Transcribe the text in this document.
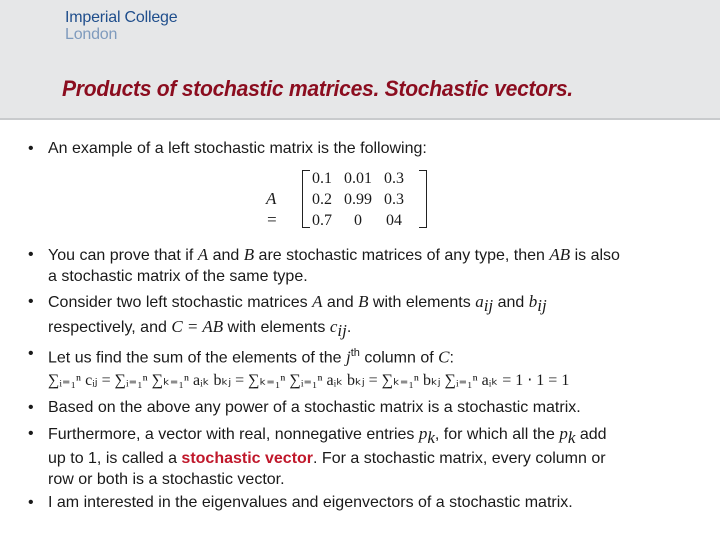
Imperial College
London
Products of stochastic matrices. Stochastic vectors.
• An example of a left stochastic matrix is the following:
A =
0.1	0.01	0.3
0.2	0.99	0.3
0.7	0	04
• You can prove that if A and B are stochastic matrices of any type, then AB is also
a stochastic matrix of the same type.
• Consider two left stochastic matrices A and B with elements $a_{ij}$ and $b_{ij}$
respectively, and C = AB with elements $c_{ij}$.
• Let us find the sum of the elements of the $j^{th}$ column of C:
∑ᵢ₌₁ⁿ cᵢⱼ = ∑ᵢ₌₁ⁿ ∑ₖ₌₁ⁿ aᵢₖ bₖⱼ = ∑ₖ₌₁ⁿ ∑ᵢ₌₁ⁿ aᵢₖ bₖⱼ = ∑ₖ₌₁ⁿ bₖⱼ ∑ᵢ₌₁ⁿ aᵢₖ = 1 ⋅ 1 = 1
• Based on the above any power of a stochastic matrix is a stochastic matrix.
• Furthermore, a vector with real, nonnegative entries $p_k$, for which all the $p_k$ add
up to 1, is called a stochastic vector. For a stochastic matrix, every column or
row or both is a stochastic vector.
• I am interested in the eigenvalues and eigenvectors of a stochastic matrix.
